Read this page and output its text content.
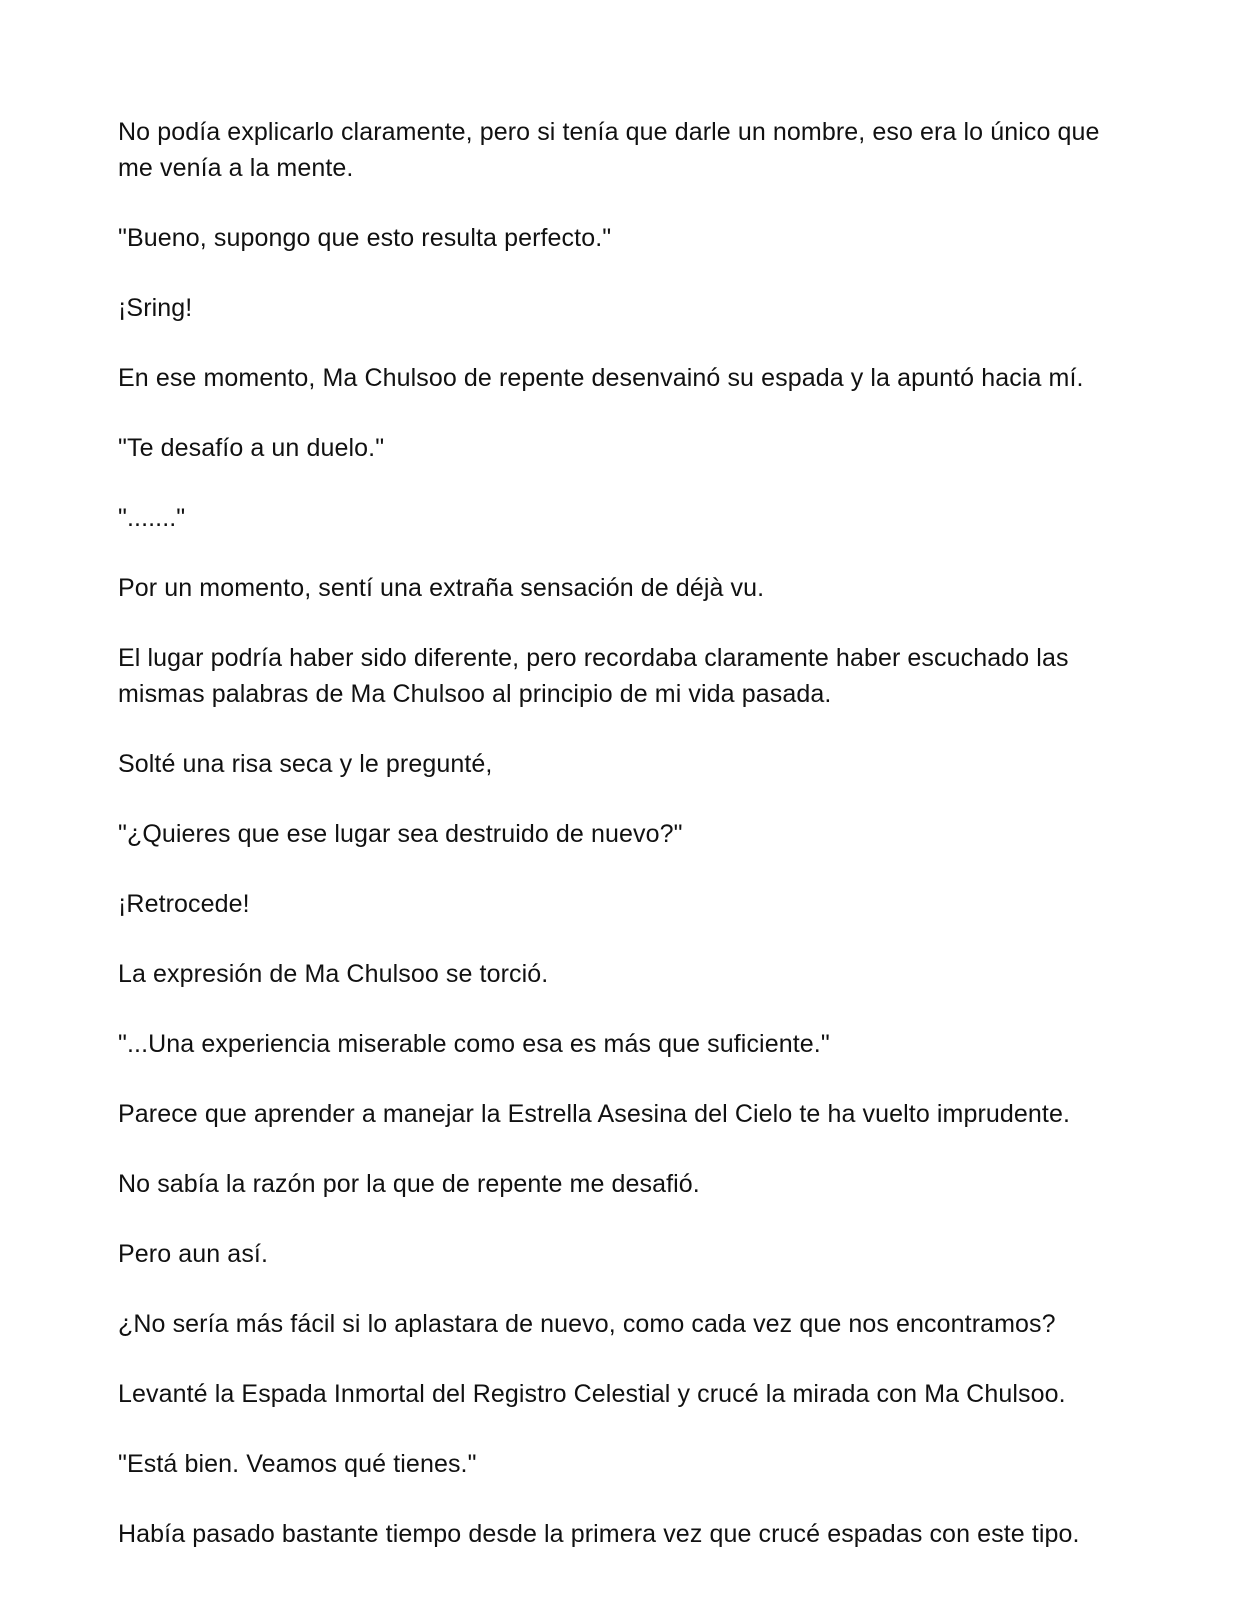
No podía explicarlo claramente, pero si tenía que darle un nombre, eso era lo único que me venía a la mente.

"Bueno, supongo que esto resulta perfecto."

¡Sring!

En ese momento, Ma Chulsoo de repente desenvainó su espada y la apuntó hacia mí.

"Te desafío a un duelo."

"......."

Por un momento, sentí una extraña sensación de déjà vu.

El lugar podría haber sido diferente, pero recordaba claramente haber escuchado las mismas palabras de Ma Chulsoo al principio de mi vida pasada.

Solté una risa seca y le pregunté,

"¿Quieres que ese lugar sea destruido de nuevo?"

¡Retrocede!

La expresión de Ma Chulsoo se torció.

"...Una experiencia miserable como esa es más que suficiente."

Parece que aprender a manejar la Estrella Asesina del Cielo te ha vuelto imprudente.

No sabía la razón por la que de repente me desafió.

Pero aun así.

¿No sería más fácil si lo aplastara de nuevo, como cada vez que nos encontramos?

Levanté la Espada Inmortal del Registro Celestial y crucé la mirada con Ma Chulsoo.

"Está bien. Veamos qué tienes."

Había pasado bastante tiempo desde la primera vez que crucé espadas con este tipo.
